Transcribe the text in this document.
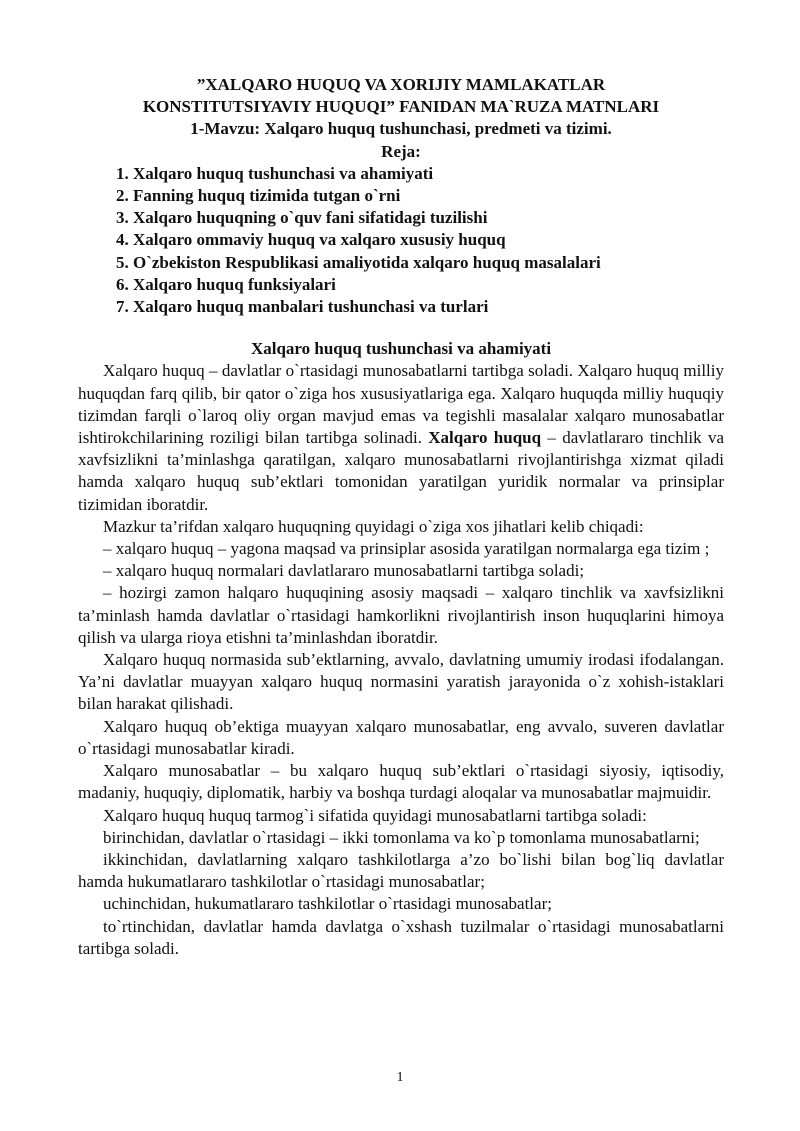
”XALQARO HUQUQ VA XORIJIY MAMLAKATLAR

KONSTITUTSIYAVIY HUQUQI” FANIDAN MA`RUZA MATNLARI

1-Mavzu: Xalqaro huquq tushunchasi, predmeti va tizimi.

Reja:

1. Xalqaro huquq tushunchasi va ahamiyati
2. Fanning huquq tizimida tutgan o`rni
3. Xalqaro huquqning o`quv fani sifatidagi tuzilishi
4. Xalqaro ommaviy huquq va xalqaro xususiy huquq
5. O`zbekiston Respublikasi amaliyotida xalqaro huquq masalalari
6. Xalqaro huquq funksiyalari
7. Xalqaro huquq manbalari tushunchasi va turlari

Xalqaro huquq tushunchasi va ahamiyati

Xalqaro huquq – davlatlar o`rtasidagi munosabatlarni tartibga soladi. Xalqaro huquq milliy huquqdan farq qilib, bir qator o`ziga hos xususiyatlariga ega. Xalqaro huquqda milliy huquqiy tizimdan farqli o`laroq oliy organ mavjud emas va tegishli masalalar xalqaro munosabatlar ishtirokchilarining roziligi bilan tartibga solinadi. Xalqaro huquq – davlatlararo tinchlik va xavfsizlikni ta’minlashga qaratilgan, xalqaro munosabatlarni rivojlantirishga xizmat qiladi hamda xalqaro huquq sub’ektlari tomonidan yaratilgan yuridik normalar va prinsiplar tizimidan iboratdir.

Mazkur ta’rifdan xalqaro huquqning quyidagi o`ziga xos jihatlari kelib chiqadi:

– xalqaro huquq – yagona maqsad va prinsiplar asosida yaratilgan normalarga ega tizim ;

– xalqaro huquq normalari davlatlararo munosabatlarni tartibga soladi;

– hozirgi zamon halqaro huquqining asosiy maqsadi – xalqaro tinchlik va xavfsizlikni ta’minlash hamda davlatlar o`rtasidagi hamkorlikni rivojlantirish inson huquqlarini himoya qilish va ularga rioya etishni ta’minlashdan iboratdir.

Xalqaro huquq normasida sub’ektlarning, avvalo, davlatning umumiy irodasi ifodalangan. Ya’ni davlatlar muayyan xalqaro huquq normasini yaratish jarayonida o`z xohish-istaklari bilan harakat qilishadi.

Xalqaro huquq ob’ektiga muayyan xalqaro munosabatlar, eng avvalo, suveren davlatlar o`rtasidagi munosabatlar kiradi.

Xalqaro munosabatlar – bu xalqaro huquq sub’ektlari o`rtasidagi siyosiy, iqtisodiy, madaniy, huquqiy, diplomatik, harbiy va boshqa turdagi aloqalar va munosabatlar majmuidir.

Xalqaro huquq huquq tarmog`i sifatida quyidagi munosabatlarni tartibga soladi:

birinchidan, davlatlar o`rtasidagi – ikki tomonlama va ko`p tomonlama munosabatlarni;

ikkinchidan, davlatlarning xalqaro tashkilotlarga a’zo bo`lishi bilan bog`liq davlatlar hamda hukumatlararo tashkilotlar o`rtasidagi munosabatlar;

uchinchidan, hukumatlararo tashkilotlar o`rtasidagi munosabatlar;

to`rtinchidan, davlatlar hamda davlatga o`xshash tuzilmalar o`rtasidagi munosabatlarni tartibga soladi.

1
